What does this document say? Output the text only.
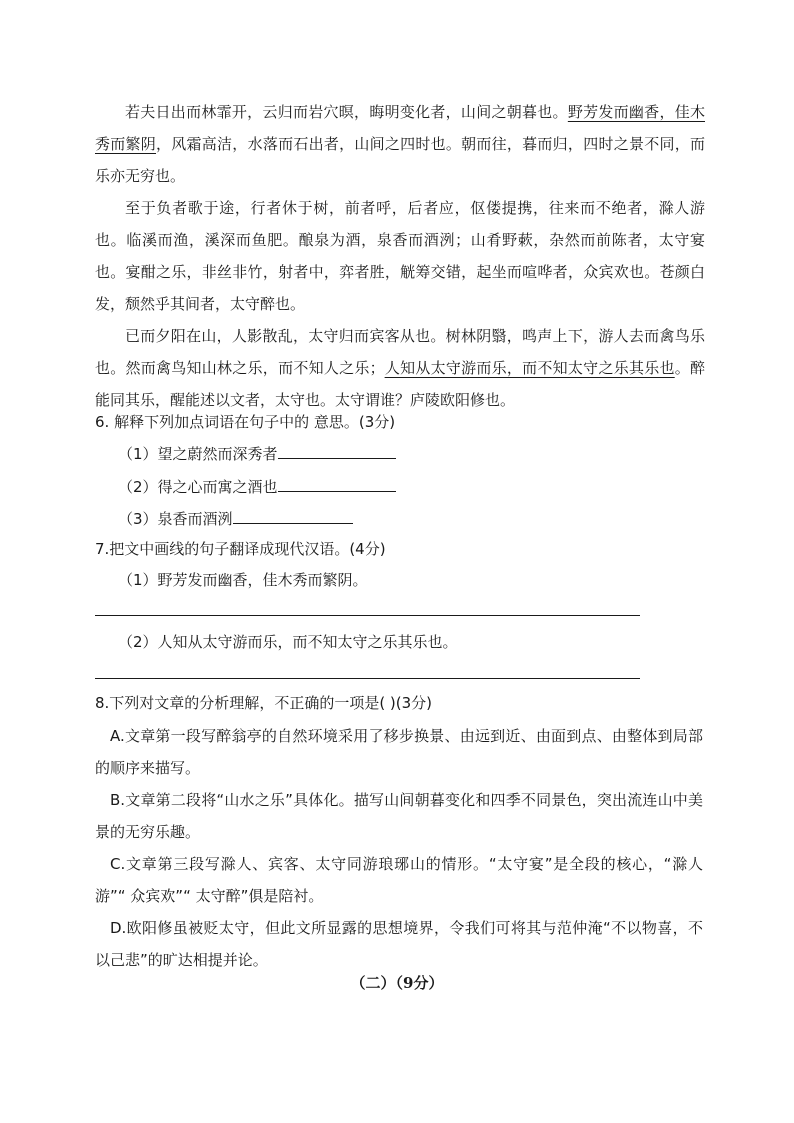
若夫日出而林霏开，云归而岩穴暝，晦明变化者，山间之朝暮也。野芳发而幽香，佳木秀而繁阴，风霜高洁，水落而石出者，山间之四时也。朝而往，暮而归，四时之景不同，而乐亦无穷也。

至于负者歌于途，行者休于树，前者呼，后者应，伛偻提携，往来而不绝者，滁人游也。临溪而渔，溪深而鱼肥。酿泉为酒，泉香而酒洌；山肴野蔌，杂然而前陈者，太守宴也。宴酣之乐，非丝非竹，射者中，弈者胜，觥筹交错，起坐而喧哗者，众宾欢也。苍颜白发，颓然乎其间者，太守醉也。

已而夕阳在山，人影散乱，太守归而宾客从也。树林阴翳，鸣声上下，游人去而禽鸟乐也。然而禽鸟知山林之乐，而不知人之乐；人知从太守游而乐，而不知太守之乐其乐也。醉能同其乐，醒能述以文者，太守也。太守谓谁？庐陵欧阳修也。

6. 解释下列加点词语在句子中的 意思。(3分)
（1）望之蔚然而深秀者
（2）得之心而寓之酒也
（3）泉香而酒洌
7.把文中画线的句子翻译成现代汉语。(4分)
（1）野芳发而幽香，佳木秀而繁阴。
（2）人知从太守游而乐，而不知太守之乐其乐也。
8.下列对文章的分析理解，不正确的一项是( )(3分)

A.文章第一段写醉翁亭的自然环境采用了移步换景、由远到近、由面到点、由整体到局部的顺序来描写。

B.文章第二段将“山水之乐”具体化。描写山间朝暮变化和四季不同景色，突出流连山中美景的无穷乐趣。

C.文章第三段写滁人、宾客、太守同游琅琊山的情形。“太守宴”是全段的核心，“滁人游”“ 众宾欢”“ 太守醉”俱是陪衬。

D.欧阳修虽被贬太守，但此文所显露的思想境界，令我们可将其与范仲淹“不以物喜，不以己悲”的旷达相提并论。

（二）（9分）
